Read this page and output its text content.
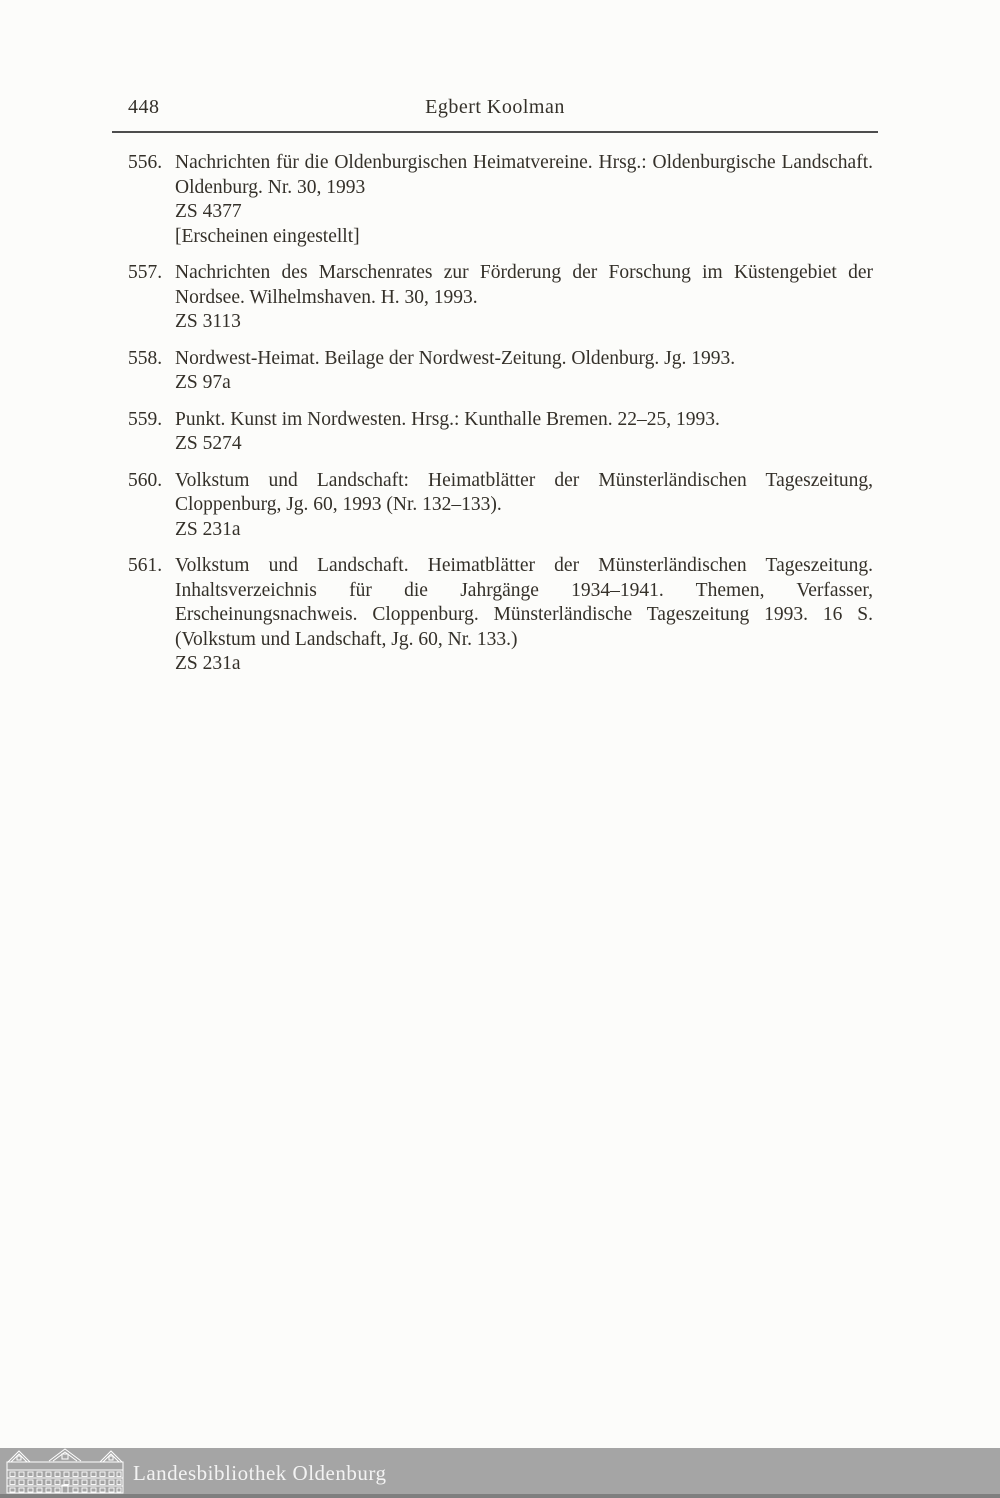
448	Egbert Koolman
556. Nachrichten für die Oldenburgischen Heimatvereine. Hrsg.: Oldenburgische Landschaft. Oldenburg. Nr. 30, 1993

ZS 4377
[Erscheinen eingestellt]
557. Nachrichten des Marschenrates zur Förderung der Forschung im Küstengebiet der Nordsee. Wilhelmshaven. H. 30, 1993.

ZS 3113
558. Nordwest-Heimat. Beilage der Nordwest-Zeitung. Oldenburg. Jg. 1993.

ZS 97a
559. Punkt. Kunst im Nordwesten. Hrsg.: Kunthalle Bremen. 22–25, 1993.

ZS 5274
560. Volkstum und Landschaft: Heimatblätter der Münsterländischen Tageszeitung, Cloppenburg, Jg. 60, 1993 (Nr. 132–133).

ZS 231a
561. Volkstum und Landschaft. Heimatblätter der Münsterländischen Tageszeitung. Inhaltsverzeichnis für die Jahrgänge 1934–1941. Themen, Verfasser, Erscheinungsnachweis. Cloppenburg. Münsterländische Tageszeitung 1993. 16 S. (Volkstum und Landschaft, Jg. 60, Nr. 133.)

ZS 231a
Landesbibliothek Oldenburg
